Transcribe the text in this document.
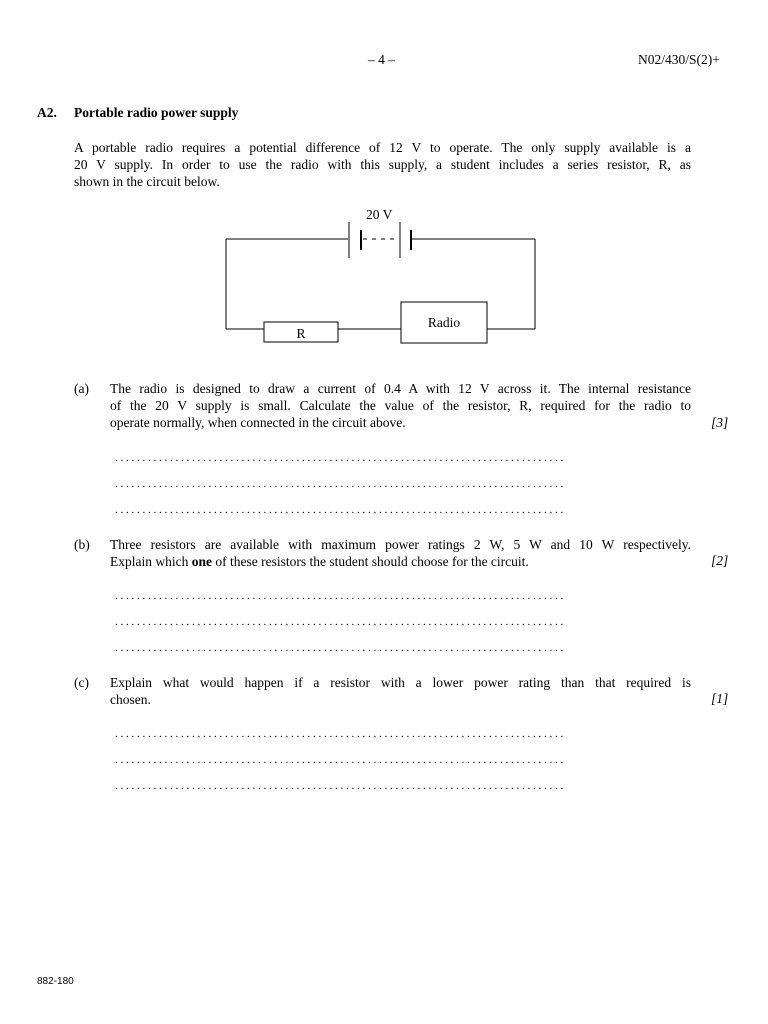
– 4 –	N02/430/S(2)+
A2. Portable radio power supply
A portable radio requires a potential difference of 12 V to operate. The only supply available is a
20 V supply. In order to use the radio with this supply, a student includes a series resistor, R, as
shown in the circuit below.
20 V
Radio
R
(a) The radio is designed to draw a current of 0.4 A with 12 V across it. The internal resistance
of the 20 V supply is small. Calculate the value of the resistor, R, required for the radio to
operate normally, when connected in the circuit above.	[3]
. . . . . . . . . . . . . . . . . . . . . . . . . . . . . . . . . . . . . . . . . . . . . . . . . . . . . . . . . . . . . . . . . . . . . . . . . . . . . . . . . .
. . . . . . . . . . . . . . . . . . . . . . . . . . . . . . . . . . . . . . . . . . . . . . . . . . . . . . . . . . . . . . . . . . . . . . . . . . . . . . . . . .
. . . . . . . . . . . . . . . . . . . . . . . . . . . . . . . . . . . . . . . . . . . . . . . . . . . . . . . . . . . . . . . . . . . . . . . . . . . . . . . . . .
(b) Three resistors are available with maximum power ratings 2 W, 5 W and 10 W respectively.
Explain which one of these resistors the student should choose for the circuit.	[2]
. . . . . . . . . . . . . . . . . . . . . . . . . . . . . . . . . . . . . . . . . . . . . . . . . . . . . . . . . . . . . . . . . . . . . . . . . . . . . . . . . .
. . . . . . . . . . . . . . . . . . . . . . . . . . . . . . . . . . . . . . . . . . . . . . . . . . . . . . . . . . . . . . . . . . . . . . . . . . . . . . . . . .
. . . . . . . . . . . . . . . . . . . . . . . . . . . . . . . . . . . . . . . . . . . . . . . . . . . . . . . . . . . . . . . . . . . . . . . . . . . . . . . . . .
(c) Explain what would happen if a resistor with a lower power rating than that required is
chosen.	[1]
. . . . . . . . . . . . . . . . . . . . . . . . . . . . . . . . . . . . . . . . . . . . . . . . . . . . . . . . . . . . . . . . . . . . . . . . . . . . . . . . . .
. . . . . . . . . . . . . . . . . . . . . . . . . . . . . . . . . . . . . . . . . . . . . . . . . . . . . . . . . . . . . . . . . . . . . . . . . . . . . . . . . .
. . . . . . . . . . . . . . . . . . . . . . . . . . . . . . . . . . . . . . . . . . . . . . . . . . . . . . . . . . . . . . . . . . . . . . . . . . . . . . . . . .
882-180
